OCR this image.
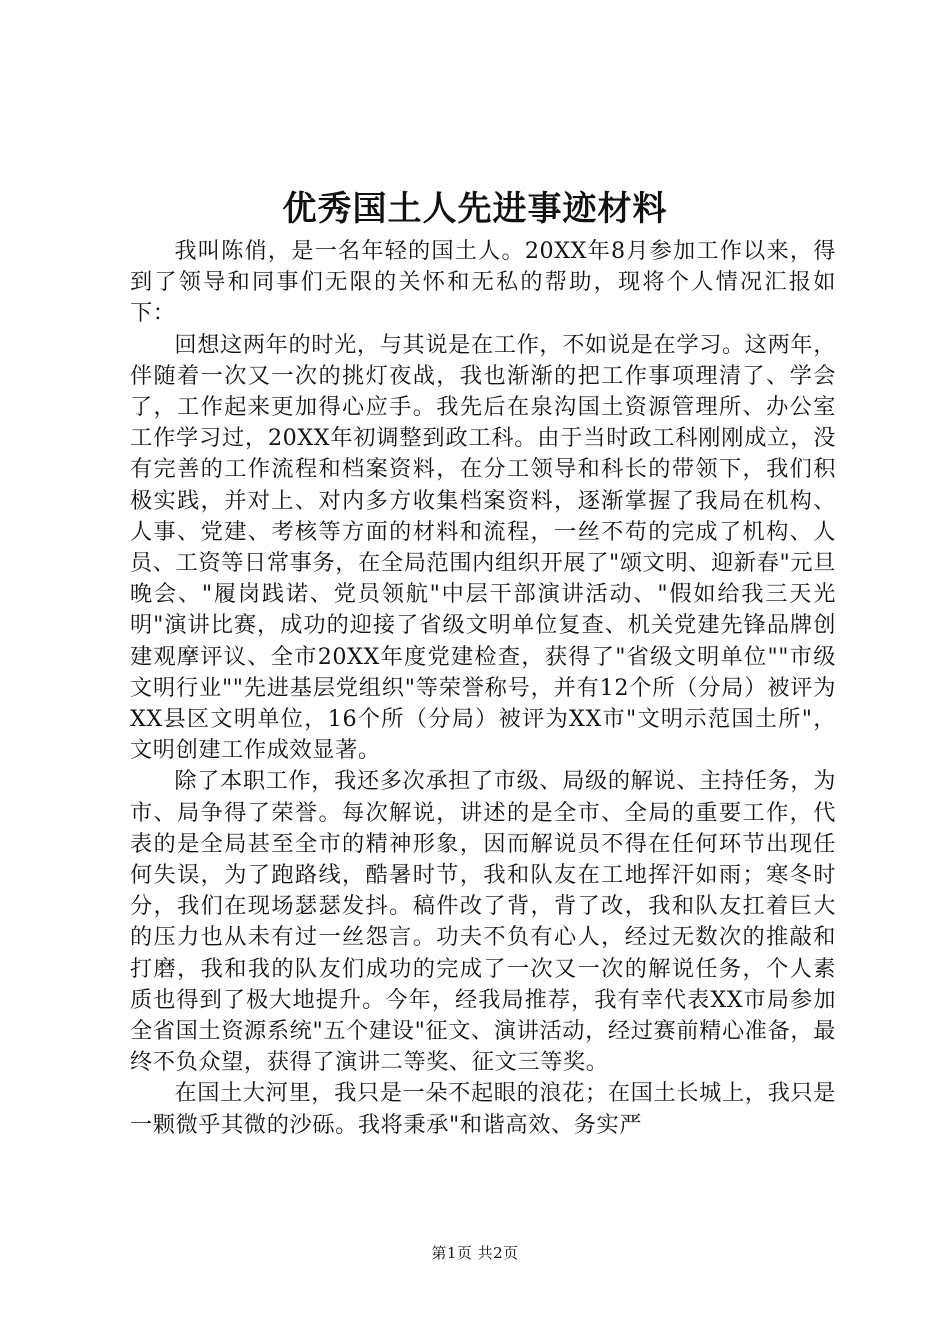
优秀国土人先进事迹材料

我叫陈俏，是一名年轻的国土人。20XX年8月参加工作以来，得到了领导和同事们无限的关怀和无私的帮助，现将个人情况汇报如下：

回想这两年的时光，与其说是在工作，不如说是在学习。这两年，伴随着一次又一次的挑灯夜战，我也渐渐的把工作事项理清了、学会了，工作起来更加得心应手。我先后在泉沟国土资源管理所、办公室工作学习过，20XX年初调整到政工科。由于当时政工科刚刚成立，没有完善的工作流程和档案资料，在分工领导和科长的带领下，我们积极实践，并对上、对内多方收集档案资料，逐渐掌握了我局在机构、人事、党建、考核等方面的材料和流程，一丝不苟的完成了机构、人员、工资等日常事务，在全局范围内组织开展了"颂文明、迎新春"元旦晚会、"履岗践诺、党员领航"中层干部演讲活动、"假如给我三天光明"演讲比赛，成功的迎接了省级文明单位复查、机关党建先锋品牌创建观摩评议、全市20XX年度党建检查，获得了"省级文明单位""市级文明行业""先进基层党组织"等荣誉称号，并有12个所（分局）被评为XX县区文明单位，16个所（分局）被评为XX市"文明示范国土所"，文明创建工作成效显著。

除了本职工作，我还多次承担了市级、局级的解说、主持任务，为市、局争得了荣誉。每次解说，讲述的是全市、全局的重要工作，代表的是全局甚至全市的精神形象，因而解说员不得在任何环节出现任何失误，为了跑路线，酷暑时节，我和队友在工地挥汗如雨；寒冬时分，我们在现场瑟瑟发抖。稿件改了背，背了改，我和队友扛着巨大的压力也从未有过一丝怨言。功夫不负有心人，经过无数次的推敲和打磨，我和我的队友们成功的完成了一次又一次的解说任务，个人素质也得到了极大地提升。今年，经我局推荐，我有幸代表XX市局参加全省国土资源系统"五个建设"征文、演讲活动，经过赛前精心准备，最终不负众望，获得了演讲二等奖、征文三等奖。

在国土大河里，我只是一朵不起眼的浪花；在国土长城上，我只是一颗微乎其微的沙砾。我将秉承"和谐高效、务实严

第1页 共2页
